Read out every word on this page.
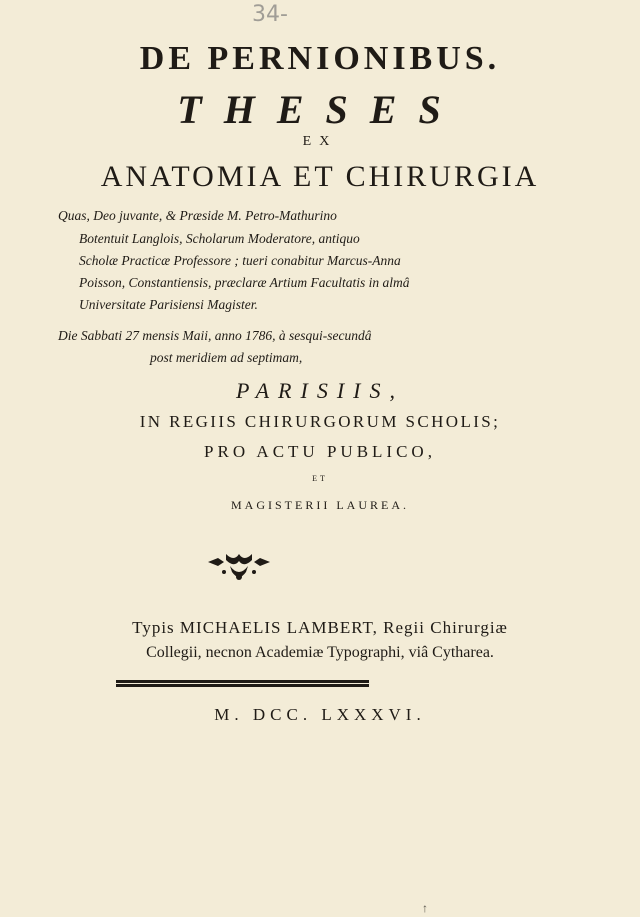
34-
DE PERNIONIBUS.
THESES
EX
ANATOMIA ET CHIRURGIA
Quas, Deo juvante, & Præside M. Petro-Mathurino
Botentuit Langlois, Scholarum Moderatore, antiquo
Scholæ Practicæ Professore ; tueri conabitur Marcus-Anna
Poisson, Constantiensis, præclaræ Artium Facultatis in almâ
Universitate Parisiensi Magister.
Die Sabbati 27 mensis Maii, anno 1786, à sesqui-secundâ
post meridiem ad septimam,
PARISIIS,
IN REGIIS CHIRURGORUM SCHOLIS;
PRO ACTU PUBLICO,
ET
MAGISTERII LAUREA.
Typis MICHAELIS LAMBERT, Regii Chirurgiæ
Collegii, necnon Academiæ Typographi, viâ Cytharea.
M. DCC. LXXXVI.
↑
